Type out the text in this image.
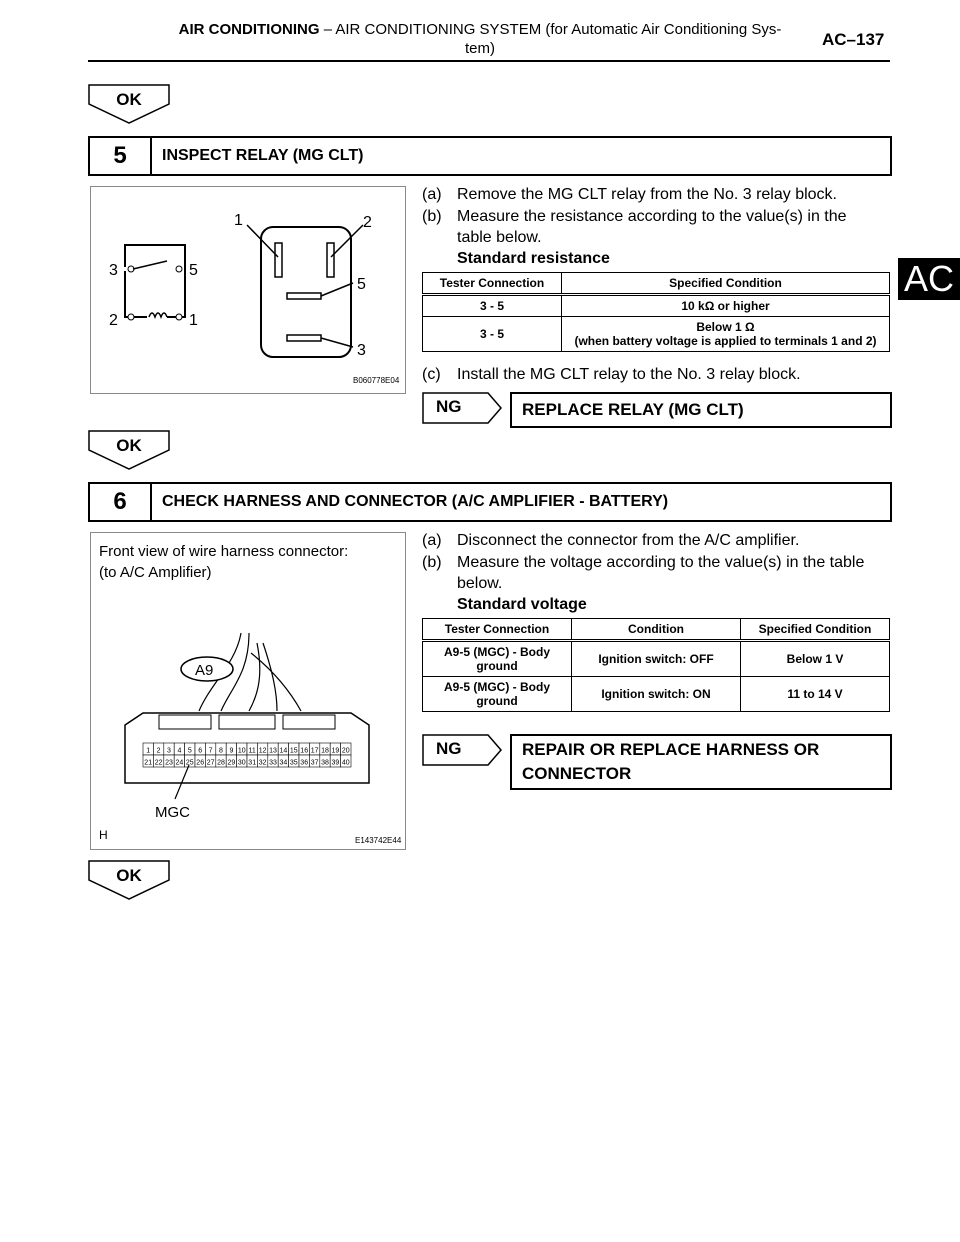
AIR CONDITIONING – AIR CONDITIONING SYSTEM (for Automatic Air Conditioning Sys-
tem)	AC–137
AC
OK
5	INSPECT RELAY (MG CLT)
3	5
2	1
1	2
5
3
B060778E04
(a) Remove the MG CLT relay from the No. 3 relay block.
(b) Measure the resistance according to the value(s) in the table below.
Standard resistance
Tester Connection	Specified Condition
3 - 5	10 kΩ or higher
3 - 5	Below 1 Ω
(when battery voltage is applied to terminals 1 and 2)
(c)	Install the MG CLT relay to the No. 3 relay block.
NG	REPLACE RELAY (MG CLT)
OK
6	CHECK HARNESS AND CONNECTOR (A/C AMPLIFIER - BATTERY)
Front view of wire harness connector:
(to A/C Amplifier)
A9
1 2 3 4 5 6 7 8 9 10 11 12 13 14 15 16 17 18 19 20
21 22 23 24 25 26 27 28 29 30 31 32 33 34 35 36 37 38 39 40
MGC
H	E143742E44
(a) Disconnect the connector from the A/C amplifier.
(b) Measure the voltage according to the value(s) in the table below.
Standard voltage
Tester Connection	Condition	Specified Condition
A9-5 (MGC) - Body ground	Ignition switch: OFF	Below 1 V
A9-5 (MGC) - Body ground	Ignition switch: ON	11 to 14 V
NG	REPAIR OR REPLACE HARNESS OR CONNECTOR
OK
